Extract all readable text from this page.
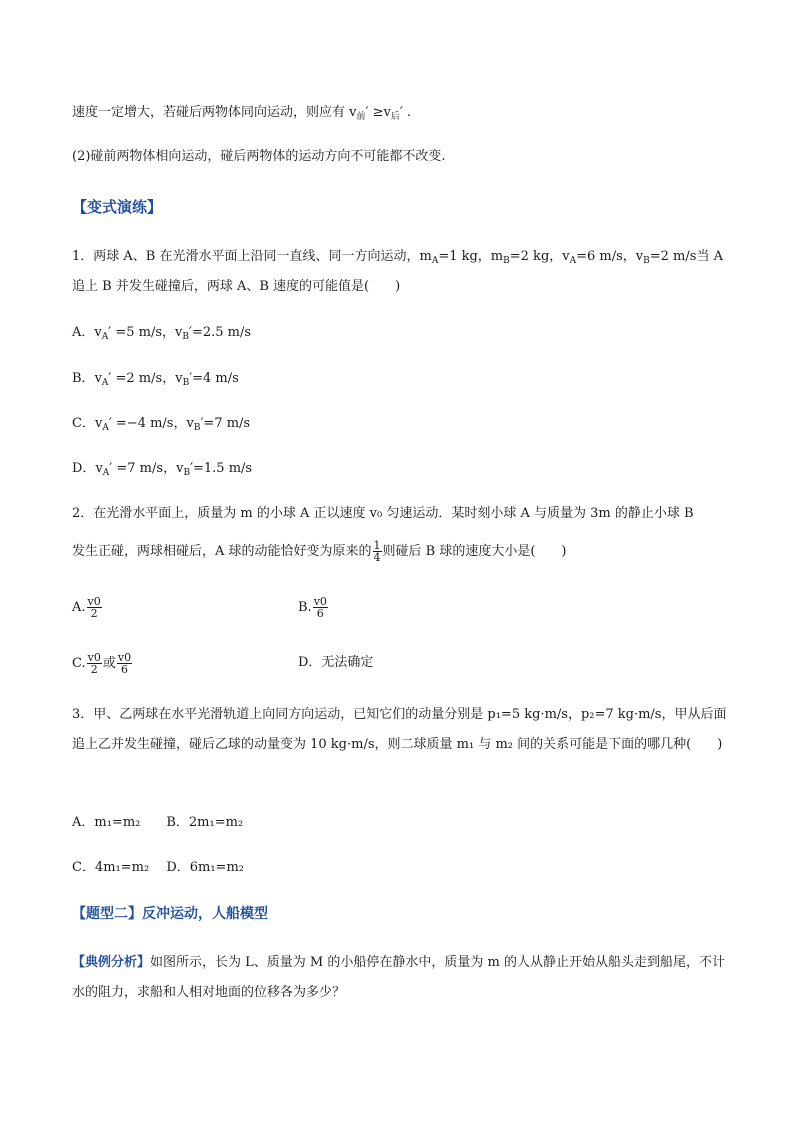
速度一定增大，若碰后两物体同向运动，则应有 $v_前' \ge v_后'$ .
(2)碰前两物体相向运动，碰后两物体的运动方向不可能都不改变.
【变式演练】
1．两球 A、B 在光滑水平面上沿同一直线、同一方向运动，$m_A=1$ kg，$m_B=2$ kg，$v_A=6$ m/s，$v_B=2$ m/s当 A
追上 B 并发生碰撞后，两球 A、B 速度的可能值是(　　)
A．$v_A' =5$ m/s，$v_B'=2.5$ m/s
B．$v_A' =2$ m/s，$v_B'=4$ m/s
C．$v_A' =-4$ m/s，$v_B'=7$ m/s
D．$v_A' =7$ m/s，$v_B'=1.5$ m/s
2．在光滑水平面上，质量为 m 的小球 A 正以速度 v₀ 匀速运动．某时刻小球 A 与质量为 3m 的静止小球 B
发生正碰，两球相碰后，A 球的动能恰好变为原来的 $\frac{1}{4}$ 则碰后 B 球的速度大小是(　　)
A. $\frac{v0}{2}$	B. $\frac{v0}{6}$
C. $\frac{v0}{2}$ 或 $\frac{v0}{6}$	D．无法确定
3．甲、乙两球在水平光滑轨道上向同方向运动，已知它们的动量分别是 p₁=5 kg·m/s，p₂=7 kg·m/s，甲从后面追上乙并发生碰撞，碰后乙球的动量变为 10 kg·m/s，则二球质量 m₁ 与 m₂ 间的关系可能是下面的哪几种(　　)
A．m₁=m₂　　B．2m₁=m₂
C．4m₁=m₂　 D．6m₁=m₂
【题型二】反冲运动，人船模型
【典例分析】如图所示，长为 L、质量为 M 的小船停在静水中，质量为 m 的人从静止开始从船头走到船尾，不计水的阻力，求船和人相对地面的位移各为多少？
